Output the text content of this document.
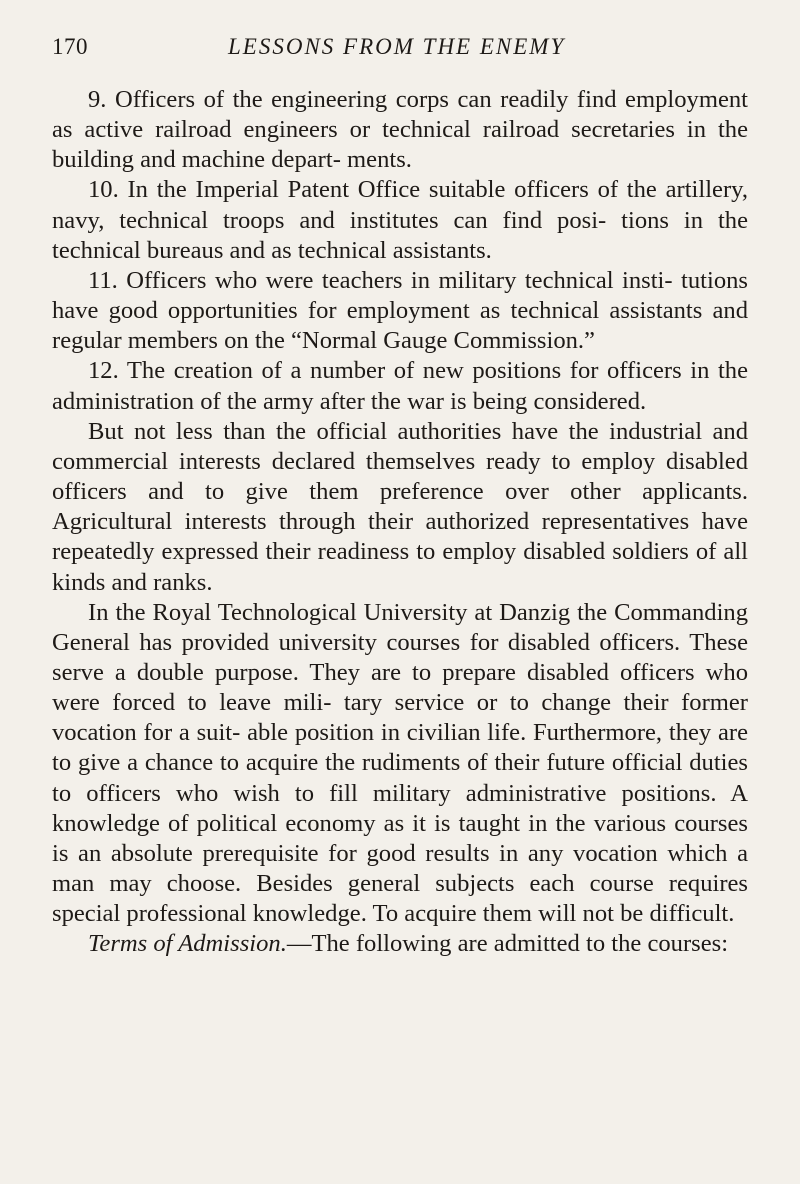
170	LESSONS FROM THE ENEMY

9. Officers of the engineering corps can readily find employment as active railroad engineers or technical railroad secretaries in the building and machine depart- ments.

10. In the Imperial Patent Office suitable officers of the artillery, navy, technical troops and institutes can find posi- tions in the technical bureaus and as technical assistants.

11. Officers who were teachers in military technical insti- tutions have good opportunities for employment as technical assistants and regular members on the “Normal Gauge Commission.”

12. The creation of a number of new positions for officers in the administration of the army after the war is being considered.

But not less than the official authorities have the industrial and commercial interests declared themselves ready to employ disabled officers and to give them preference over other applicants. Agricultural interests through their authorized representatives have repeatedly expressed their readiness to employ disabled soldiers of all kinds and ranks.

In the Royal Technological University at Danzig the Commanding General has provided university courses for disabled officers. These serve a double purpose. They are to prepare disabled officers who were forced to leave mili- tary service or to change their former vocation for a suit- able position in civilian life. Furthermore, they are to give a chance to acquire the rudiments of their future official duties to officers who wish to fill military administrative positions. A knowledge of political economy as it is taught in the various courses is an absolute prerequisite for good results in any vocation which a man may choose. Besides general subjects each course requires special professional knowledge. To acquire them will not be difficult.

Terms of Admission.—The following are admitted to the courses:
